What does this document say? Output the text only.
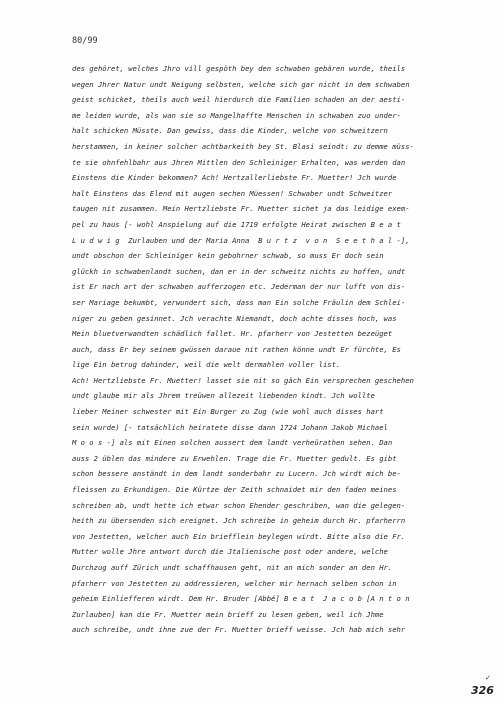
80/99
des gehöret, welches Jhro vill gespöth bey den schwaben gebären wurde, theils
wegen Jhrer Natur undt Neigung selbsten, welche sich gar nicht in dem schwaben
geist schicket, theils auch weil hierdurch die Familien schaden an der aesti-
me leiden wurde, als wan sie so Mangelhaffte Menschen in schwaben zuo under-
halt schicken Müsste. Dan gewiss, dass die Kinder, welche von schweitzern
herstammen, in keiner solcher achtbarkeith bey St. Blasi seindt: zu demme müss-
te sie ohnfehlbahr aus Jhren Mittlen den Schleiniger Erhalten, was werden dan
Einstens die Kinder bekommen? Ach! Hertzallerliebste Fr. Muetter! Jch wurde
halt Einstens das Elend mit augen sechen Müessen! Schwaber undt Schweitzer
taugen nit zusammen. Mein Hertzliebste Fr. Muetter sichet ja das leidige exem-
pel zu haus [- wohl Anspielung auf die 1719 erfolgte Heirat zwischen B e a t
L u d w i g  Zurlauben und der Maria Anna  B u r t z  v o n  S e e t h a l -],
undt obschon der Schleiniger kein gebohrner schwab, so muss Er doch sein
glückh in schwabenlandt suchen, dan er in der schweitz nichts zu hoffen, undt
ist Er nach art der schwaben aufferzogen etc. Jederman der nur lufft von dis-
ser Mariage bekumbt, verwundert sich, dass man Ein solche Fräulin dem Schlei-
niger zu geben gesinnet. Jch verachte Niemandt, doch achte disses hoch, was
Mein bluetverwandten schädlich fallet. Hr. pfarherr von Jestetten bezeüget
auch, dass Er bey seinem gwüssen daraue nit rathen könne undt Er fürchte, Es
lige Ein betrug dahinder, weil die welt dermahlen voller list.
Ach! Hertzliebste Fr. Muetter! lasset sie nit so gäch Ein versprechen geschehen
undt glaube mir als Jhrem treüwen allezeit liebenden kindt. Jch wollte
lieber Meiner schwester mit Ein Burger zu Zug (wie wohl auch disses hart
sein wurde) [- tatsächlich heiratete disse dann 1724 Johann Jakob Michael
M o o s -] als mit Einen solchen aussert dem landt verheürathen sehen. Dan
auss 2 üblen das mindere zu Erwehlen. Trage die Fr. Muetter gedult. Es gibt
schon bessere anständt in dem landt sonderbahr zu Lucern. Jch wirdt mich be-
fleissen zu Erkundigen. Die Kürtze der Zeith schnaidet mir den faden meines
schreiben ab, undt hette ich etwar schon Ehender geschriben, wan die gelegen-
heith zu übersenden sich ereignet. Jch schreibe in geheim durch Hr. pfarherrn
von Jestetten, welcher auch Ein briefflein beylegen wirdt. Bitte also die Fr.
Mutter wolle Jhre antwort durch die Jtalienische post oder andere, welche
Durchzug auff Zürich undt schaffhausen geht, nit an mich sonder an den Hr.
pfarherr von Jestetten zu addressieren, welcher mir hernach selben schon in
geheim Einliefferen wirdt. Dem Hr. Bruder [Abbé] B e a t  J a c o b [A n t o n
Zurlauben] kan die Fr. Muetter mein brieff zu lesen geben, weil ich Jhme
auch schreibe, undt ihne zue der Fr. Muetter brieff weisse. Jch hab mich sehr
✓
326
